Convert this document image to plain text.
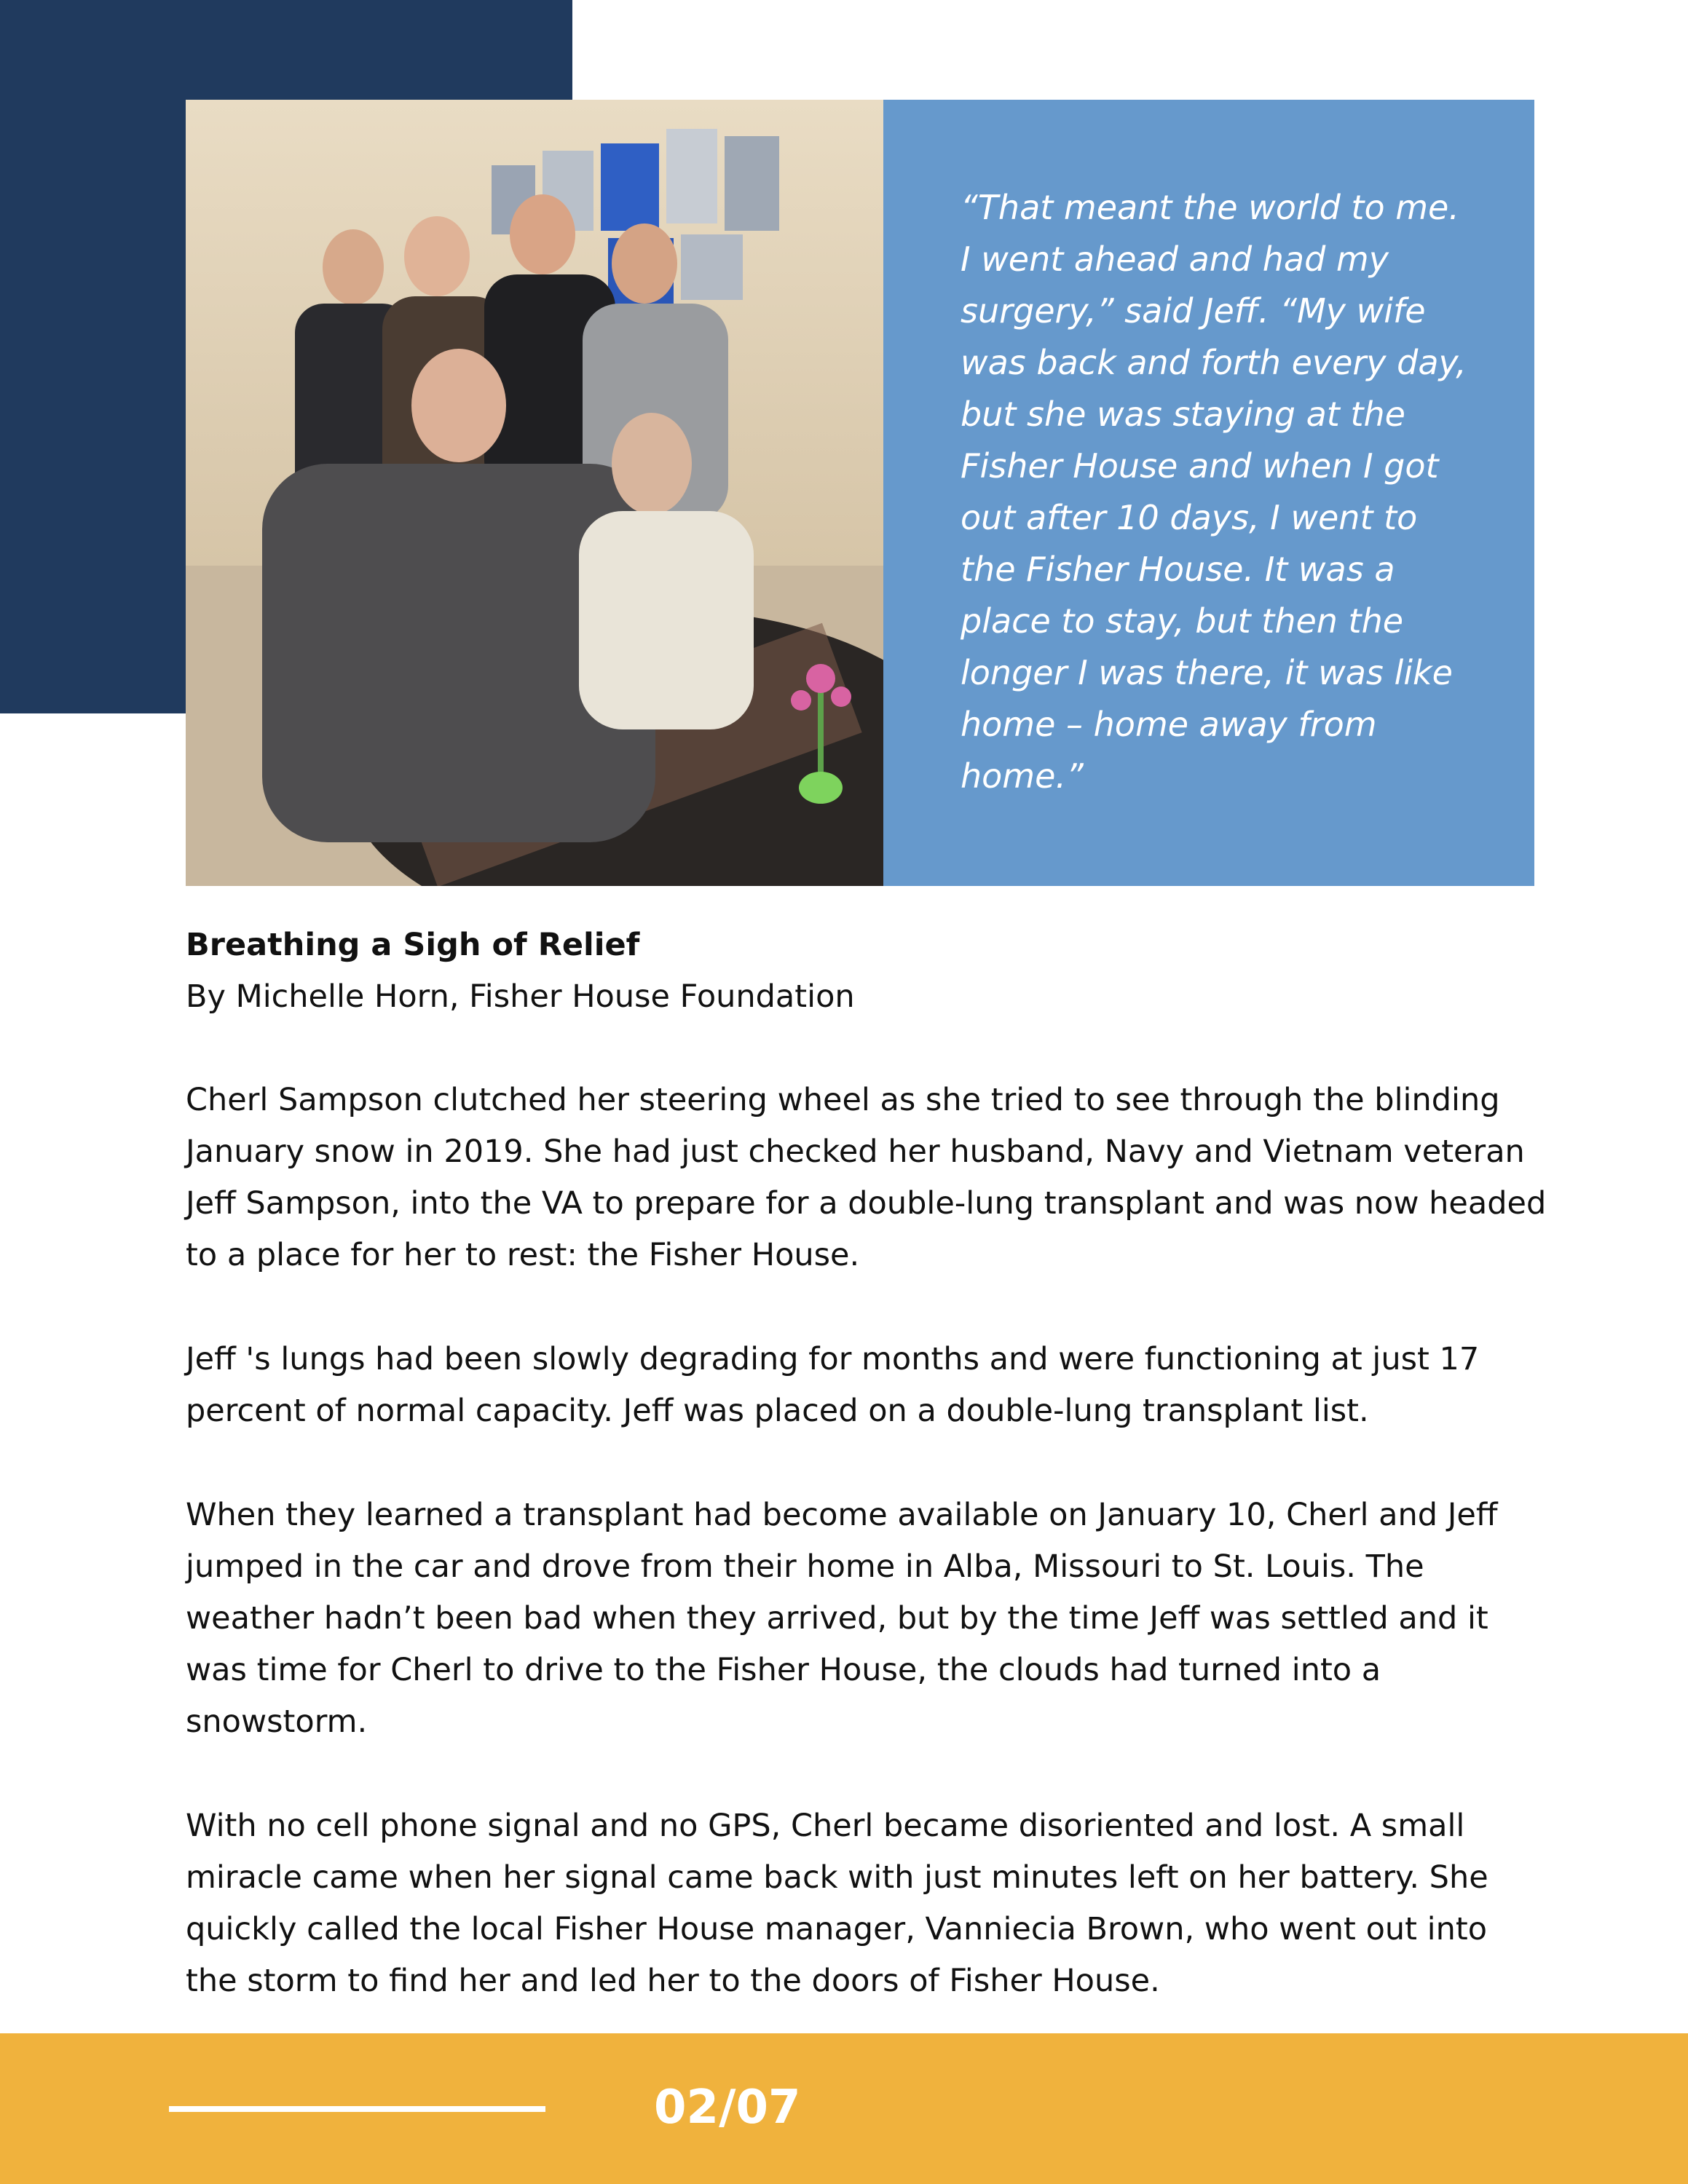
“That meant the world to me. I went ahead and had my surgery,” said Jeff. “My wife was back and forth every day, but she was staying at the Fisher House and when I got out after 10 days, I went to the Fisher House. It was a place to stay, but then the longer I was there, it was like home – home away from home.”

Breathing a Sigh of Relief

By Michelle Horn, Fisher House Foundation

Cherl Sampson clutched her steering wheel as she tried to see through the blinding January snow in 2019. She had just checked her husband, Navy and Vietnam veteran Jeff Sampson, into the VA to prepare for a double-lung transplant and was now headed to a place for her to rest: the Fisher House.

Jeff 's lungs had been slowly degrading for months and were functioning at just 17 percent of normal capacity. Jeff was placed on a double-lung transplant list.

When they learned a transplant had become available on January 10, Cherl and Jeff jumped in the car and drove from their home in Alba, Missouri to St. Louis. The weather hadn’t been bad when they arrived, but by the time Jeff was settled and it was time for Cherl to drive to the Fisher House, the clouds had turned into a snowstorm.

With no cell phone signal and no GPS, Cherl became disoriented and lost. A small miracle came when her signal came back with just minutes left on her battery. She quickly called the local Fisher House manager, Vanniecia Brown, who went out into the storm to find her and led her to the doors of Fisher House.

02/07
